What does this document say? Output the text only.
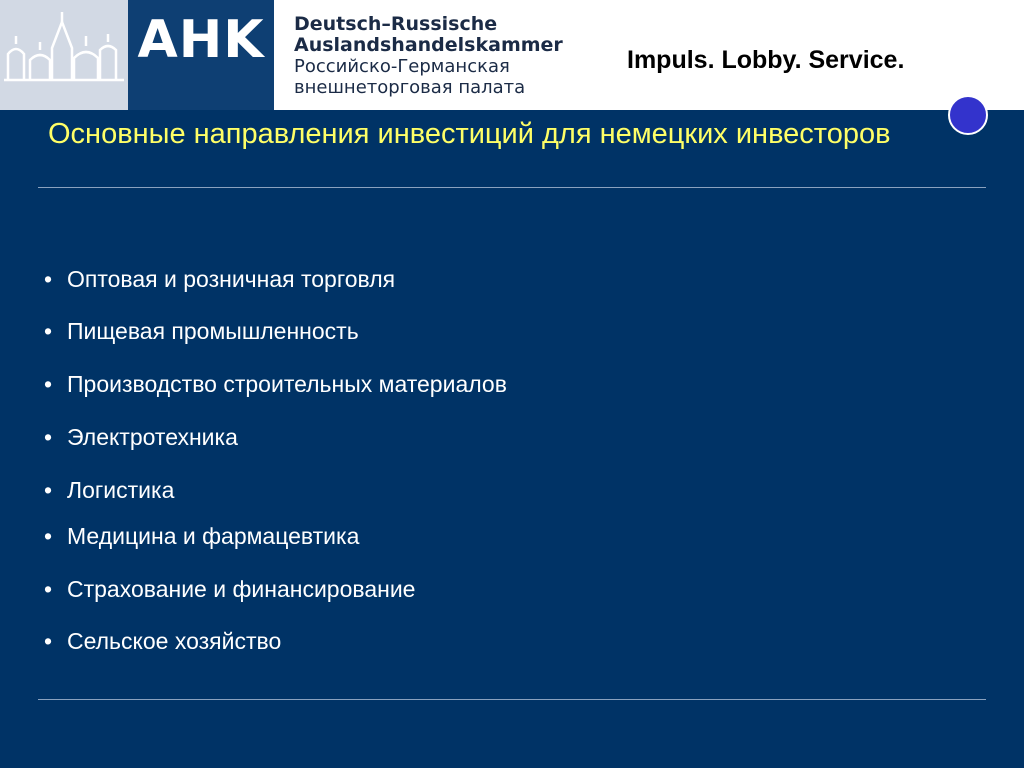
AHK	Deutsch–Russische
Auslandshandelskammer
Российско-Германская
внешнеторговая палата
Impuls. Lobby. Service.
Основные направления инвестиций для немецких инвесторов
• Оптовая и розничная торговля
• Пищевая промышленность
• Производство строительных материалов
• Электротехника
• Логистика
• Медицина и фармацевтика
• Страхование и финансирование
• Сельское хозяйство
